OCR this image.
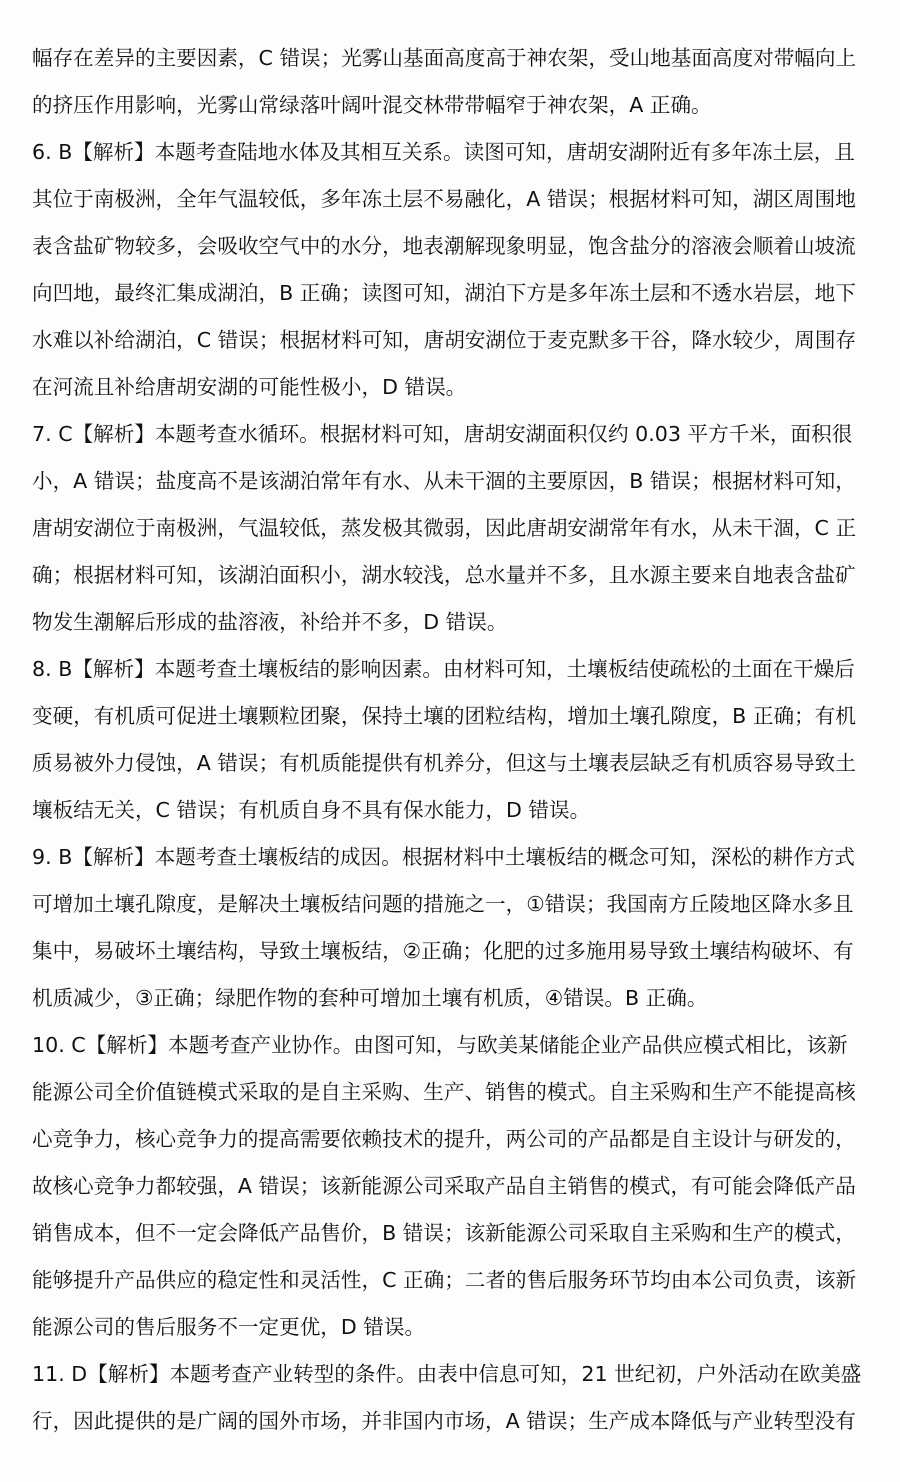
幅存在差异的主要因素，C 错误；光雾山基面高度高于神农架，受山地基面高度对带幅向上
的挤压作用影响，光雾山常绿落叶阔叶混交林带带幅窄于神农架，A 正确。
6. B【解析】本题考查陆地水体及其相互关系。读图可知，唐胡安湖附近有多年冻土层，且
其位于南极洲，全年气温较低，多年冻土层不易融化，A 错误；根据材料可知，湖区周围地
表含盐矿物较多，会吸收空气中的水分，地表潮解现象明显，饱含盐分的溶液会顺着山坡流
向凹地，最终汇集成湖泊，B 正确；读图可知，湖泊下方是多年冻土层和不透水岩层，地下
水难以补给湖泊，C 错误；根据材料可知，唐胡安湖位于麦克默多干谷，降水较少，周围存
在河流且补给唐胡安湖的可能性极小，D 错误。
7. C【解析】本题考查水循环。根据材料可知，唐胡安湖面积仅约 0.03 平方千米，面积很
小，A 错误；盐度高不是该湖泊常年有水、从未干涸的主要原因，B 错误；根据材料可知，
唐胡安湖位于南极洲，气温较低，蒸发极其微弱，因此唐胡安湖常年有水，从未干涸，C 正
确；根据材料可知，该湖泊面积小，湖水较浅，总水量并不多，且水源主要来自地表含盐矿
物发生潮解后形成的盐溶液，补给并不多，D 错误。
8. B【解析】本题考查土壤板结的影响因素。由材料可知，土壤板结使疏松的土面在干燥后
变硬，有机质可促进土壤颗粒团聚，保持土壤的团粒结构，增加土壤孔隙度，B 正确；有机
质易被外力侵蚀，A 错误；有机质能提供有机养分，但这与土壤表层缺乏有机质容易导致土
壤板结无关，C 错误；有机质自身不具有保水能力，D 错误。
9. B【解析】本题考查土壤板结的成因。根据材料中土壤板结的概念可知，深松的耕作方式
可增加土壤孔隙度，是解决土壤板结问题的措施之一，①错误；我国南方丘陵地区降水多且
集中，易破坏土壤结构，导致土壤板结，②正确；化肥的过多施用易导致土壤结构破坏、有
机质减少，③正确；绿肥作物的套种可增加土壤有机质，④错误。B 正确。
10. C【解析】本题考查产业协作。由图可知，与欧美某储能企业产品供应模式相比，该新
能源公司全价值链模式采取的是自主采购、生产、销售的模式。自主采购和生产不能提高核
心竞争力，核心竞争力的提高需要依赖技术的提升，两公司的产品都是自主设计与研发的，
故核心竞争力都较强，A 错误；该新能源公司采取产品自主销售的模式，有可能会降低产品
销售成本，但不一定会降低产品售价，B 错误；该新能源公司采取自主采购和生产的模式，
能够提升产品供应的稳定性和灵活性，C 正确；二者的售后服务环节均由本公司负责，该新
能源公司的售后服务不一定更优，D 错误。
11. D【解析】本题考查产业转型的条件。由表中信息可知，21 世纪初，户外活动在欧美盛
行，因此提供的是广阔的国外市场，并非国内市场，A 错误；生产成本降低与产业转型没有
